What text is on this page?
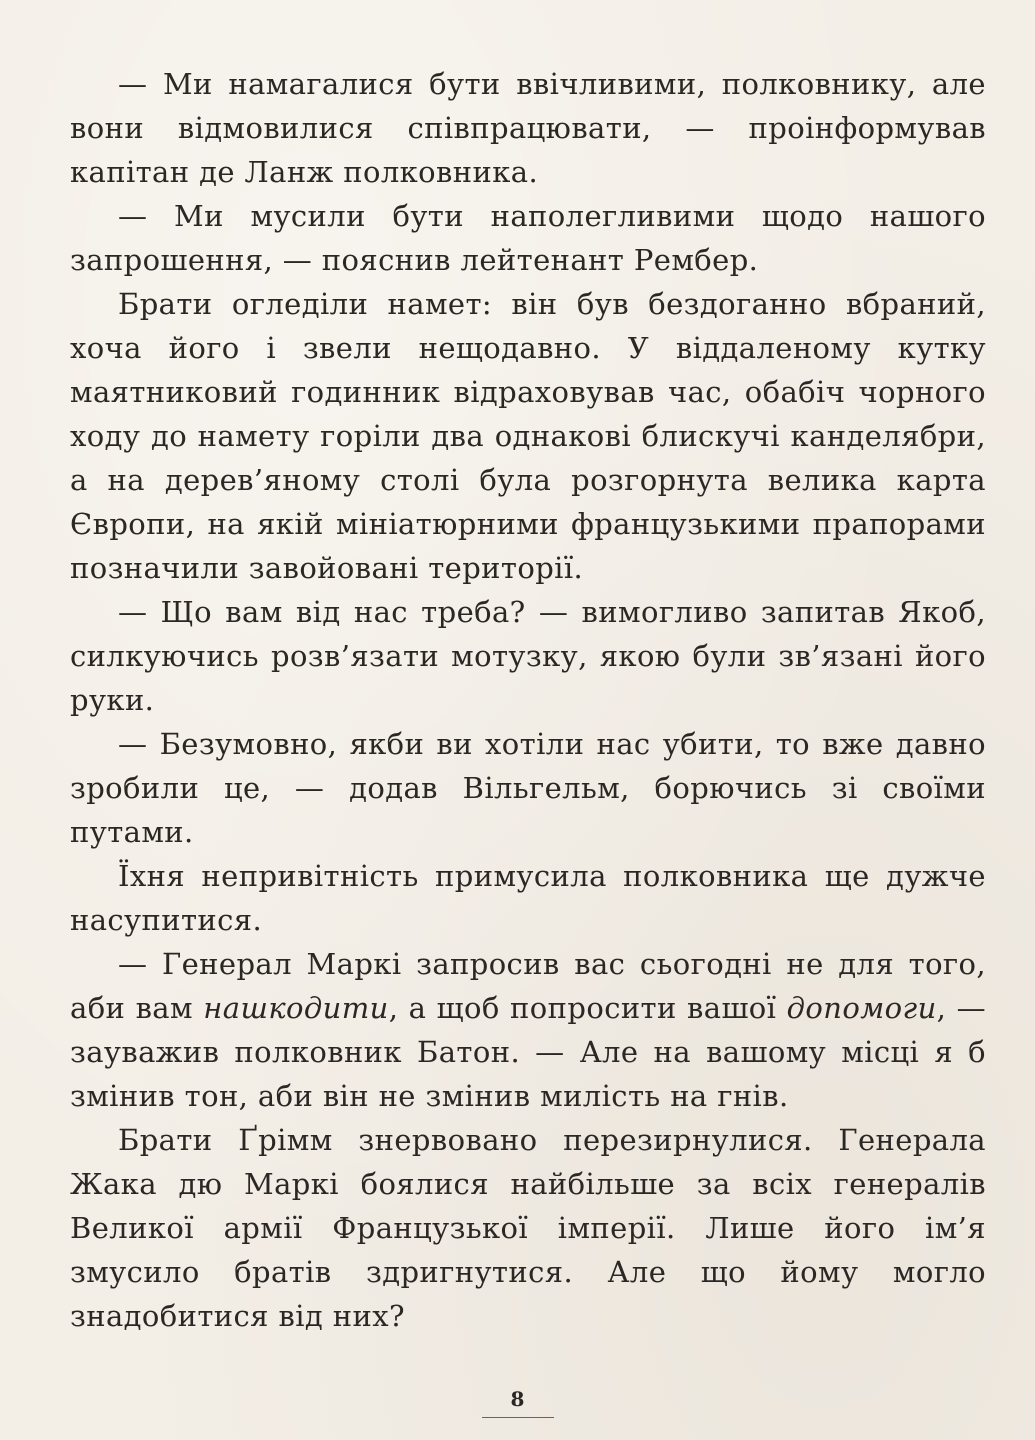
— Ми намагалися бути ввічливими, полковнику, але вони відмовилися співпрацювати, — проінформував капітан де Ланж полковника.

— Ми мусили бути наполегливими щодо нашого запрошення, — пояснив лейтенант Рембер.

Брати огледіли намет: він був бездоганно вбраний, хоча його і звели нещодавно. У віддаленому кутку маятниковий годинник відраховував час, обабіч чорного ходу до намету горіли два однакові блискучі канделябри, а на дерев’яному столі була розгорнута велика карта Європи, на якій мініатюрними французькими прапорами позначили завойовані території.

— Що вам від нас треба? — вимогливо запитав Якоб, силкуючись розв’язати мотузку, якою були зв’язані його руки.

— Безумовно, якби ви хотіли нас убити, то вже давно зробили це, — додав Вільгельм, борючись зі своїми путами.

Їхня непривітність примусила полковника ще дужче насупитися.

— Генерал Маркі запросив вас сьогодні не для того, аби вам нашкодити, а щоб попросити вашої допомоги, — зауважив полковник Батон. — Але на вашому місці я б змінив тон, аби він не змінив милість на гнів.

Брати Ґрімм знервовано перезирнулися. Генерала Жака дю Маркі боялися найбільше за всіх генералів Великої армії Французької імперії. Лише його ім’я змусило братів здригнутися. Але що йому могло знадобитися від них?

8
